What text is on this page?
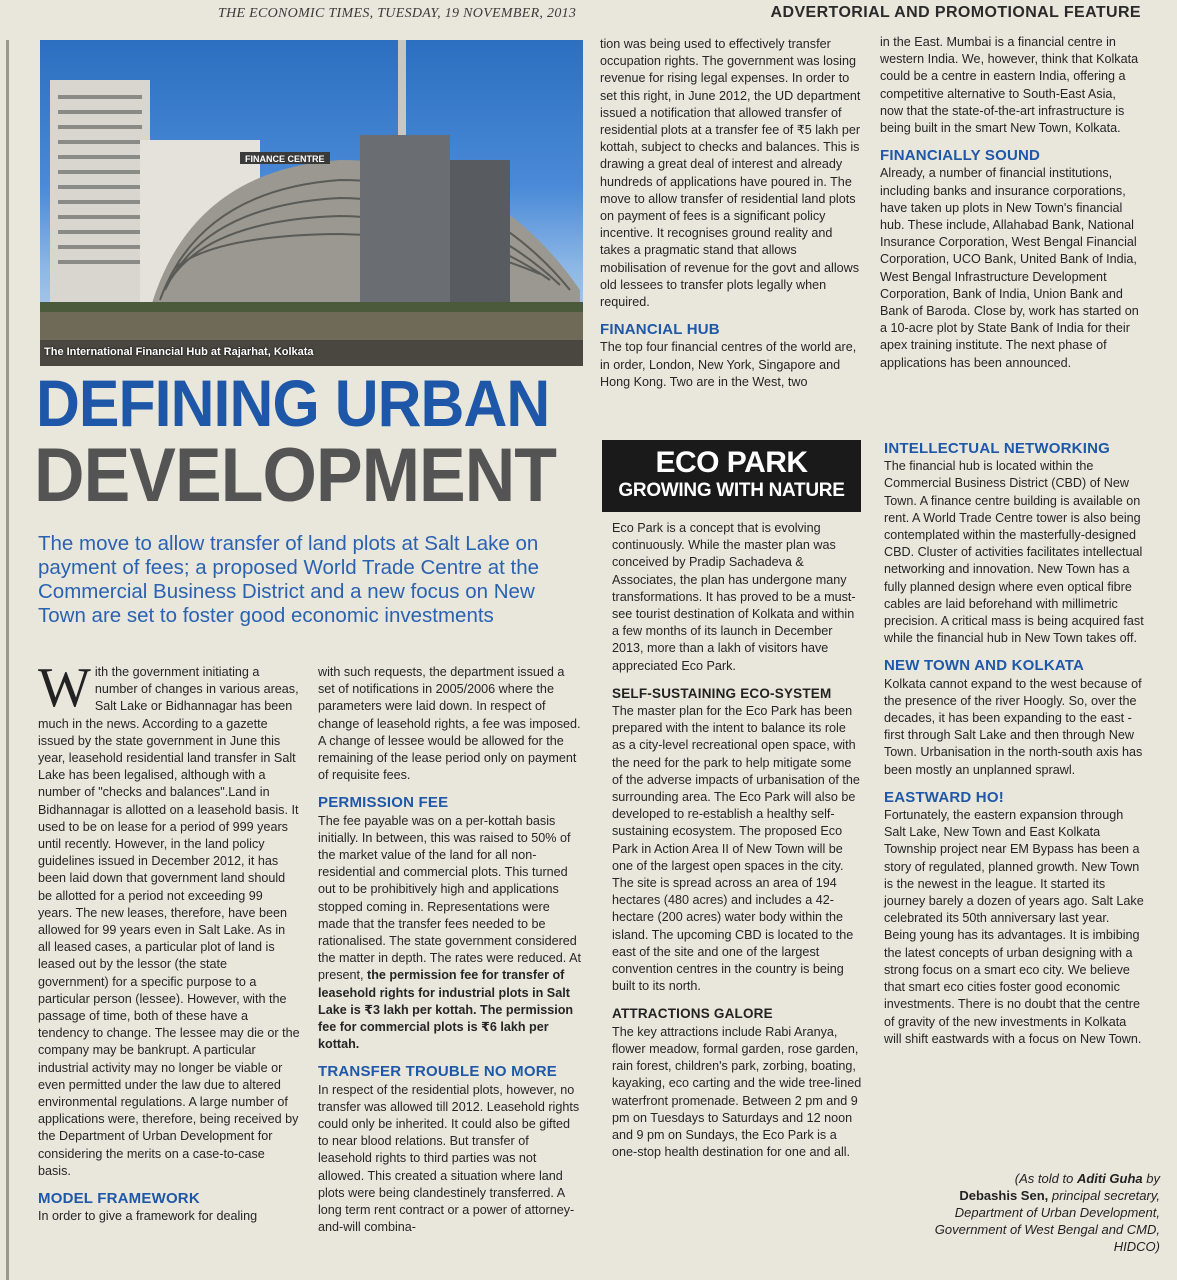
THE ECONOMIC TIMES, TUESDAY, 19 NOVEMBER, 2013	ADVERTORIAL AND PROMOTIONAL FEATURE
FINANCE CENTRE
The International Financial Hub at Rajarhat, Kolkata
DEFINING URBAN
DEVELOPMENT
The move to allow transfer of land plots at Salt Lake on payment of fees; a proposed World Trade Centre at the Commercial Business District and a new focus on New Town are set to foster good economic investments

With the government initiating a number of changes in various areas, Salt Lake or Bidhannagar has been much in the news. According to a gazette issued by the state government in June this year, leasehold residential land transfer in Salt Lake has been legalised, although with a number of "checks and balances".Land in Bidhannagar is allotted on a leasehold basis. It used to be on lease for a period of 999 years until recently. However, in the land policy guidelines issued in December 2012, it has been laid down that government land should be allotted for a period not exceeding 99 years. The new leases, therefore, have been allowed for 99 years even in Salt Lake. As in all leased cases, a particular plot of land is leased out by the lessor (the state government) for a specific purpose to a particular person (lessee). However, with the passage of time, both of these have a tendency to change. The lessee may die or the company may be bankrupt. A particular industrial activity may no longer be viable or even permitted under the law due to altered environmental regulations. A large number of applications were, therefore, being received by the Department of Urban Development for considering the merits on a case-to-case basis.

MODEL FRAMEWORK

In order to give a framework for dealing

with such requests, the department issued a set of notifications in 2005/2006 where the parameters were laid down. In respect of change of leasehold rights, a fee was imposed. A change of lessee would be allowed for the remaining of the lease period only on payment of requisite fees.

PERMISSION FEE

The fee payable was on a per-kottah basis initially. In between, this was raised to 50% of the market value of the land for all non-residential and commercial plots. This turned out to be prohibitively high and applications stopped coming in. Representations were made that the transfer fees needed to be rationalised. The state government considered the matter in depth. The rates were reduced. At present, the permission fee for transfer of leasehold rights for industrial plots in Salt Lake is ₹3 lakh per kottah. The permission fee for commercial plots is ₹6 lakh per kottah.

TRANSFER TROUBLE NO MORE

In respect of the residential plots, however, no transfer was allowed till 2012. Leasehold rights could only be inherited. It could also be gifted to near blood relations. But transfer of leasehold rights to third parties was not allowed. This created a situation where land plots were being clandestinely transferred. A long term rent contract or a power of attorney-and-will combina-

tion was being used to effectively transfer occupation rights. The government was losing revenue for rising legal expenses. In order to set this right, in June 2012, the UD department issued a notification that allowed transfer of residential plots at a transfer fee of ₹5 lakh per kottah, subject to checks and balances. This is drawing a great deal of interest and already hundreds of applications have poured in. The move to allow transfer of residential land plots on payment of fees is a significant policy incentive. It recognises ground reality and takes a pragmatic stand that allows mobilisation of revenue for the govt and allows old lessees to transfer plots legally when required.

FINANCIAL HUB

The top four financial centres of the world are, in order, London, New York, Singapore and Hong Kong. Two are in the West, two

ECO PARK
GROWING WITH NATURE

Eco Park is a concept that is evolving continuously. While the master plan was conceived by Pradip Sachadeva & Associates, the plan has undergone many transformations. It has proved to be a must-see tourist destination of Kolkata and within a few months of its launch in December 2013, more than a lakh of visitors have appreciated Eco Park.

SELF-SUSTAINING ECO-SYSTEM

The master plan for the Eco Park has been prepared with the intent to balance its role as a city-level recreational open space, with the need for the park to help mitigate some of the adverse impacts of urbanisation of the surrounding area. The Eco Park will also be developed to re-establish a healthy self-sustaining ecosystem. The proposed Eco Park in Action Area II of New Town will be one of the largest open spaces in the city. The site is spread across an area of 194 hectares (480 acres) and includes a 42-hectare (200 acres) water body within the island. The upcoming CBD is located to the east of the site and one of the largest convention centres in the country is being built to its north.

ATTRACTIONS GALORE

The key attractions include Rabi Aranya, flower meadow, formal garden, rose garden, rain forest, children's park, zorbing, boating, kayaking, eco carting and the wide tree-lined waterfront promenade. Between 2 pm and 9 pm on Tuesdays to Saturdays and 12 noon and 9 pm on Sundays, the Eco Park is a one-stop health destination for one and all.

in the East. Mumbai is a financial centre in western India. We, however, think that Kolkata could be a centre in eastern India, offering a competitive alternative to South-East Asia, now that the state-of-the-art infrastructure is being built in the smart New Town, Kolkata.

FINANCIALLY SOUND

Already, a number of financial institutions, including banks and insurance corporations, have taken up plots in New Town's financial hub. These include, Allahabad Bank, National Insurance Corporation, West Bengal Financial Corporation, UCO Bank, United Bank of India, West Bengal Infrastructure Development Corporation, Bank of India, Union Bank and Bank of Baroda. Close by, work has started on a 10-acre plot by State Bank of India for their apex training institute. The next phase of applications has been announced.

INTELLECTUAL NETWORKING

The financial hub is located within the Commercial Business District (CBD) of New Town. A finance centre building is available on rent. A World Trade Centre tower is also being contemplated within the masterfully-designed CBD. Cluster of activities facilitates intellectual networking and innovation. New Town has a fully planned design where even optical fibre cables are laid beforehand with millimetric precision. A critical mass is being acquired fast while the financial hub in New Town takes off.

NEW TOWN AND KOLKATA

Kolkata cannot expand to the west because of the presence of the river Hoogly. So, over the decades, it has been expanding to the east - first through Salt Lake and then through New Town. Urbanisation in the north-south axis has been mostly an unplanned sprawl.

EASTWARD HO!

Fortunately, the eastern expansion through Salt Lake, New Town and East Kolkata Township project near EM Bypass has been a story of regulated, planned growth. New Town is the newest in the league. It started its journey barely a dozen of years ago. Salt Lake celebrated its 50th anniversary last year. Being young has its advantages. It is imbibing the latest concepts of urban designing with a strong focus on a smart eco city. We believe that smart eco cities foster good economic investments. There is no doubt that the centre of gravity of the new investments in Kolkata will shift eastwards with a focus on New Town.

(As told to Aditi Guha by
Debashis Sen, principal secretary, Department of Urban Development, Government of West Bengal and CMD, HIDCO)
